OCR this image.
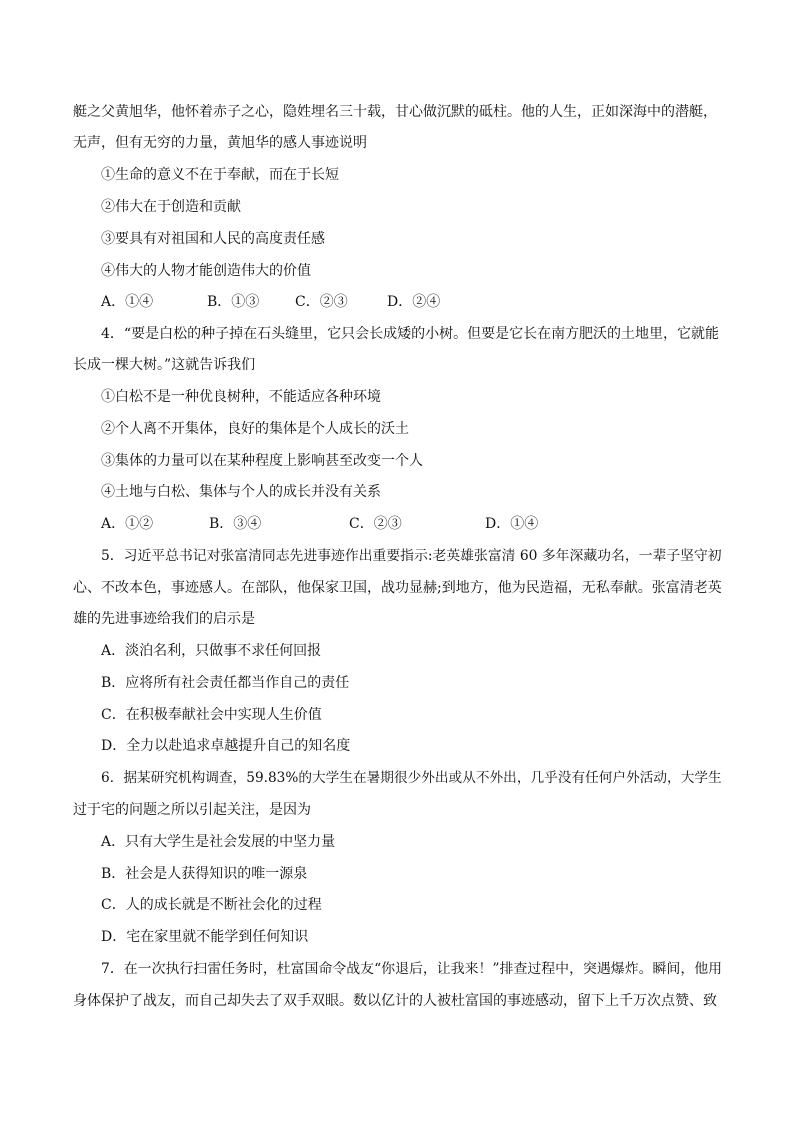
艇之父黄旭华，他怀着赤子之心，隐姓埋名三十载，甘心做沉默的砥柱。他的人生，正如深海中的潜艇，
无声，但有无穷的力量，黄旭华的感人事迹说明
①生命的意义不在于奉献，而在于长短
②伟大在于创造和贡献
③要具有对祖国和人民的高度责任感
④伟大的人物才能创造伟大的价值
A．①④	B．①③	C．②③	D．②④
4．“要是白松的种子掉在石头缝里，它只会长成矮的小树。但要是它长在南方肥沃的土地里，它就能
长成一棵大树。”这就告诉我们
①白松不是一种优良树种，不能适应各种环境
②个人离不开集体，良好的集体是个人成长的沃土
③集体的力量可以在某种程度上影响甚至改变一个人
④土地与白松、集体与个人的成长并没有关系
A．①②	B．③④	C．②③	D．①④
5．习近平总书记对张富清同志先进事迹作出重要指示:老英雄张富清 60 多年深藏功名，一辈子坚守初
心、不改本色，事迹感人。在部队，他保家卫国，战功显赫;到地方，他为民造福，无私奉献。张富清老英
雄的先进事迹给我们的启示是
A．淡泊名利，只做事不求任何回报
B．应将所有社会责任都当作自己的责任
C．在积极奉献社会中实现人生价值
D．全力以赴追求卓越提升自己的知名度
6．据某研究机构调查，59.83%的大学生在暑期很少外出或从不外出，几乎没有任何户外活动，大学生
过于宅的问题之所以引起关注，是因为
A．只有大学生是社会发展的中坚力量
B．社会是人获得知识的唯一源泉
C．人的成长就是不断社会化的过程
D．宅在家里就不能学到任何知识
7．在一次执行扫雷任务时，杜富国命令战友“你退后，让我来！”排查过程中，突遇爆炸。瞬间，他用
身体保护了战友，而自己却失去了双手双眼。数以亿计的人被杜富国的事迹感动，留下上千万次点赞、致
